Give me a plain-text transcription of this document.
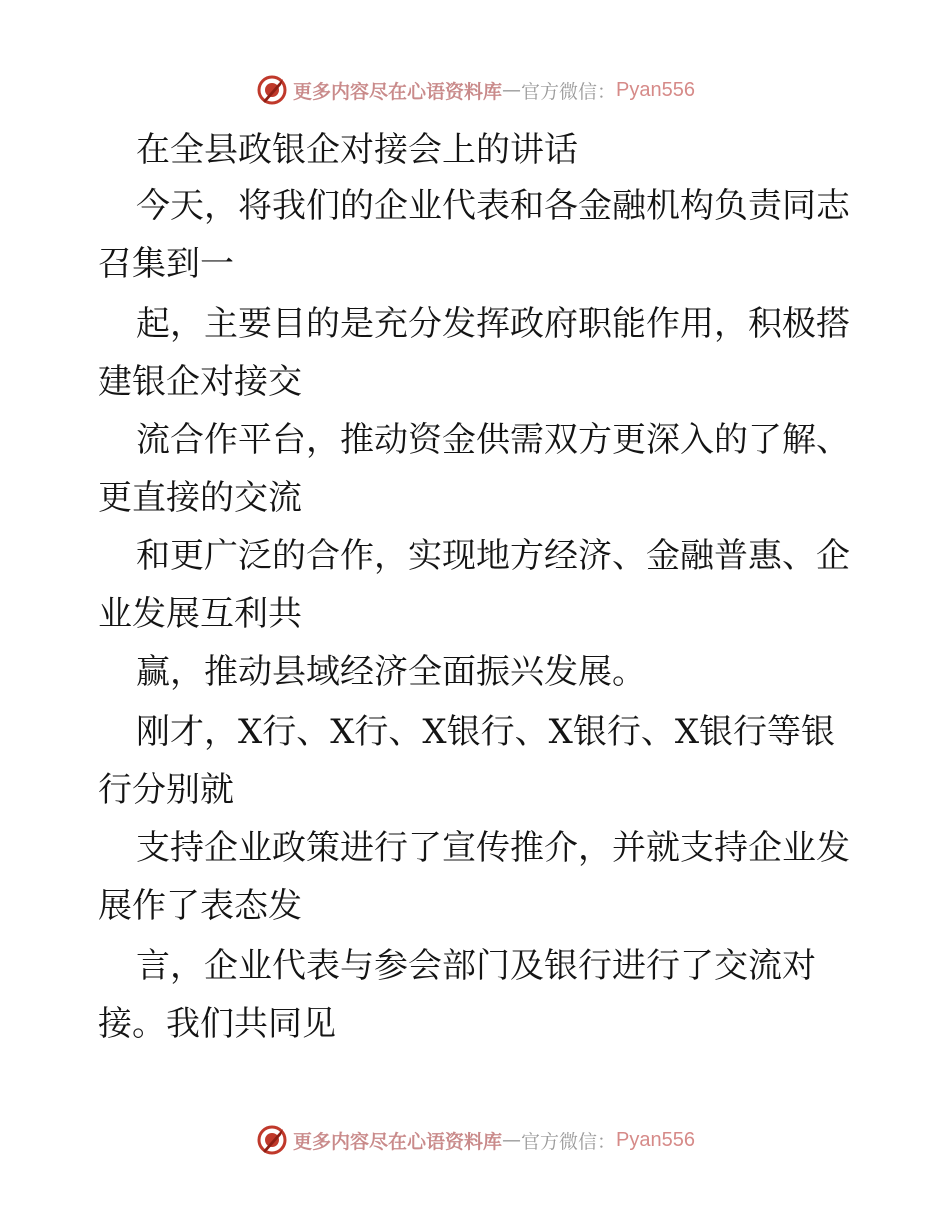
更多内容尽在心语资料库 — 官方微信： Pyan556
在全县政银企对接会上的讲话
今天，将我们的企业代表和各金融机构负责同志
召集到一
起，主要目的是充分发挥政府职能作用，积极搭
建银企对接交
流合作平台，推动资金供需双方更深入的了解、
更直接的交流
和更广泛的合作，实现地方经济、金融普惠、企
业发展互利共
赢，推动县域经济全面振兴发展。
刚才，X行、X行、X银行、X银行、X银行等银
行分别就
支持企业政策进行了宣传推介，并就支持企业发
展作了表态发
言，企业代表与参会部门及银行进行了交流对
接。我们共同见
更多内容尽在心语资料库 — 官方微信： Pyan556
